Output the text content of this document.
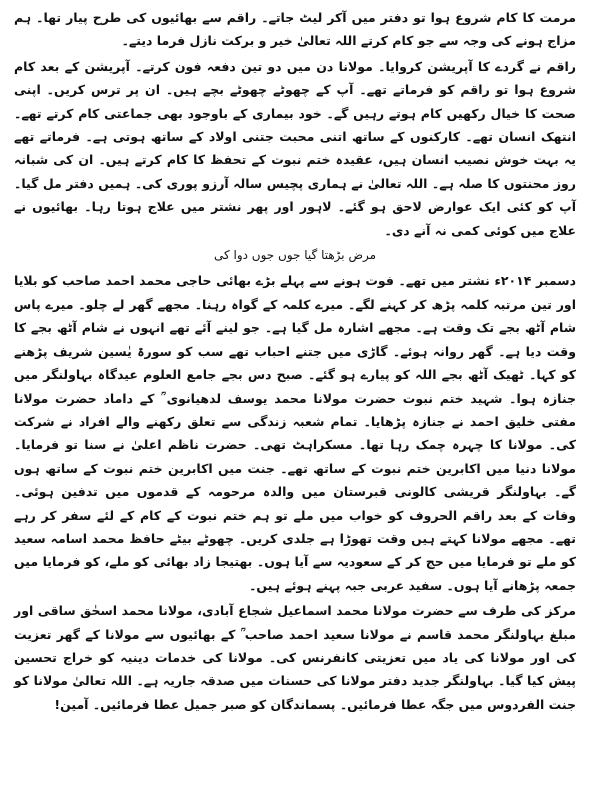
مرمت کا کام شروع ہوا تو دفتر میں آکر لیٹ جاتے۔ راقم سے بھائیوں کی طرح پیار تھا۔ ہم مزاج ہونے کی وجہ سے جو کام کرتے اللہ تعالیٰ خیر و برکت نازل فرما دیتے۔

راقم نے گردے کا آپریشن کروایا۔ مولانا دن میں دو تین دفعہ فون کرتے۔ آپریشن کے بعد کام شروع ہوا تو راقم کو فرماتے تھے۔ آپ کے چھوٹے چھوٹے بچے ہیں۔ ان پر ترس کریں۔ اپنی صحت کا خیال رکھیں کام ہوتے رہیں گے۔ خود بیماری کے باوجود بھی جماعتی کام کرتے تھے۔ انتھک انسان تھے۔ کارکنوں کے ساتھ اتنی محبت جتنی اولاد کے ساتھ ہوتی ہے۔ فرماتے تھے یہ بہت خوش نصیب انسان ہیں، عقیدہ ختم نبوت کے تحفظ کا کام کرتے ہیں۔ ان کی شبانہ روز محنتوں کا صلہ ہے۔ اللہ تعالیٰ نے ہماری پچیس سالہ آرزو پوری کی۔ ہمیں دفتر مل گیا۔ آپ کو کئی ایک عوارض لاحق ہو گئے۔ لاہور اور پھر نشتر میں علاج ہوتا رہا۔ بھائیوں نے علاج میں کوئی کمی نہ آنے دی۔

مرض بڑھتا گیا جوں جوں دوا کی

دسمبر ۲۰۱۴ء نشتر میں تھے۔ فوت ہونے سے پہلے بڑے بھائی حاجی محمد احمد صاحب کو بلایا اور تین مرتبہ کلمہ پڑھ کر کہنے لگے۔ میرے کلمہ کے گواہ رہنا۔ مجھے گھر لے چلو۔ میرے پاس شام آٹھ بجے تک وقت ہے۔ مجھے اشارہ مل گیا ہے۔ جو لینے آئے تھے انہوں نے شام آٹھ بجے کا وقت دیا ہے۔ گھر روانہ ہوئے۔ گاڑی میں جتنے احباب تھے سب کو سورۃ یٰسین شریف پڑھنے کو کہا۔ ٹھیک آٹھ بجے اللہ کو پیارے ہو گئے۔ صبح دس بجے جامع العلوم عیدگاہ بہاولنگر میں جنازہ ہوا۔ شہید ختم نبوت حضرت مولانا محمد یوسف لدھیانوی ؒ کے داماد حضرت مولانا مفتی خلیق احمد نے جنازہ پڑھایا۔ تمام شعبہ زندگی سے تعلق رکھنے والے افراد نے شرکت کی۔ مولانا کا چہرہ چمک رہا تھا۔ مسکراہٹ تھی۔ حضرت ناظم اعلیٰ نے سنا تو فرمایا۔ مولانا دنیا میں اکابرین ختم نبوت کے ساتھ تھے۔ جنت میں اکابرین ختم نبوت کے ساتھ ہوں گے۔ بہاولنگر قریشی کالونی قبرستان میں والدہ مرحومہ کے قدموں میں تدفین ہوئی۔ وفات کے بعد راقم الحروف کو خواب میں ملے تو ہم ختم نبوت کے کام کے لئے سفر کر رہے تھے۔ مجھے مولانا کہتے ہیں وقت تھوڑا ہے جلدی کریں۔ چھوٹے بیٹے حافظ محمد اسامہ سعید کو ملے تو فرمایا میں حج کر کے سعودیہ سے آیا ہوں۔ بھتیجا زاد بھائی کو ملے، کو فرمایا میں جمعہ پڑھانے آیا ہوں۔ سفید عربی جبہ پہنے ہوئے ہیں۔

مرکز کی طرف سے حضرت مولانا محمد اسماعیل شجاع آبادی، مولانا محمد اسحٰق ساقی اور مبلغ بہاولنگر محمد قاسم نے مولانا سعید احمد صاحب ؒ کے بھائیوں سے مولانا کے گھر تعزیت کی اور مولانا کی یاد میں تعزیتی کانفرنس کی۔ مولانا کی خدمات دینیہ کو خراج تحسین پیش کیا گیا۔ بہاولنگر جدید دفتر مولانا کی حسنات میں صدقہ جاریہ ہے۔ اللہ تعالیٰ مولانا کو جنت الفردوس میں جگہ عطا فرمائیں۔ پسماندگان کو صبر جمیل عطا فرمائیں۔ آمین!
